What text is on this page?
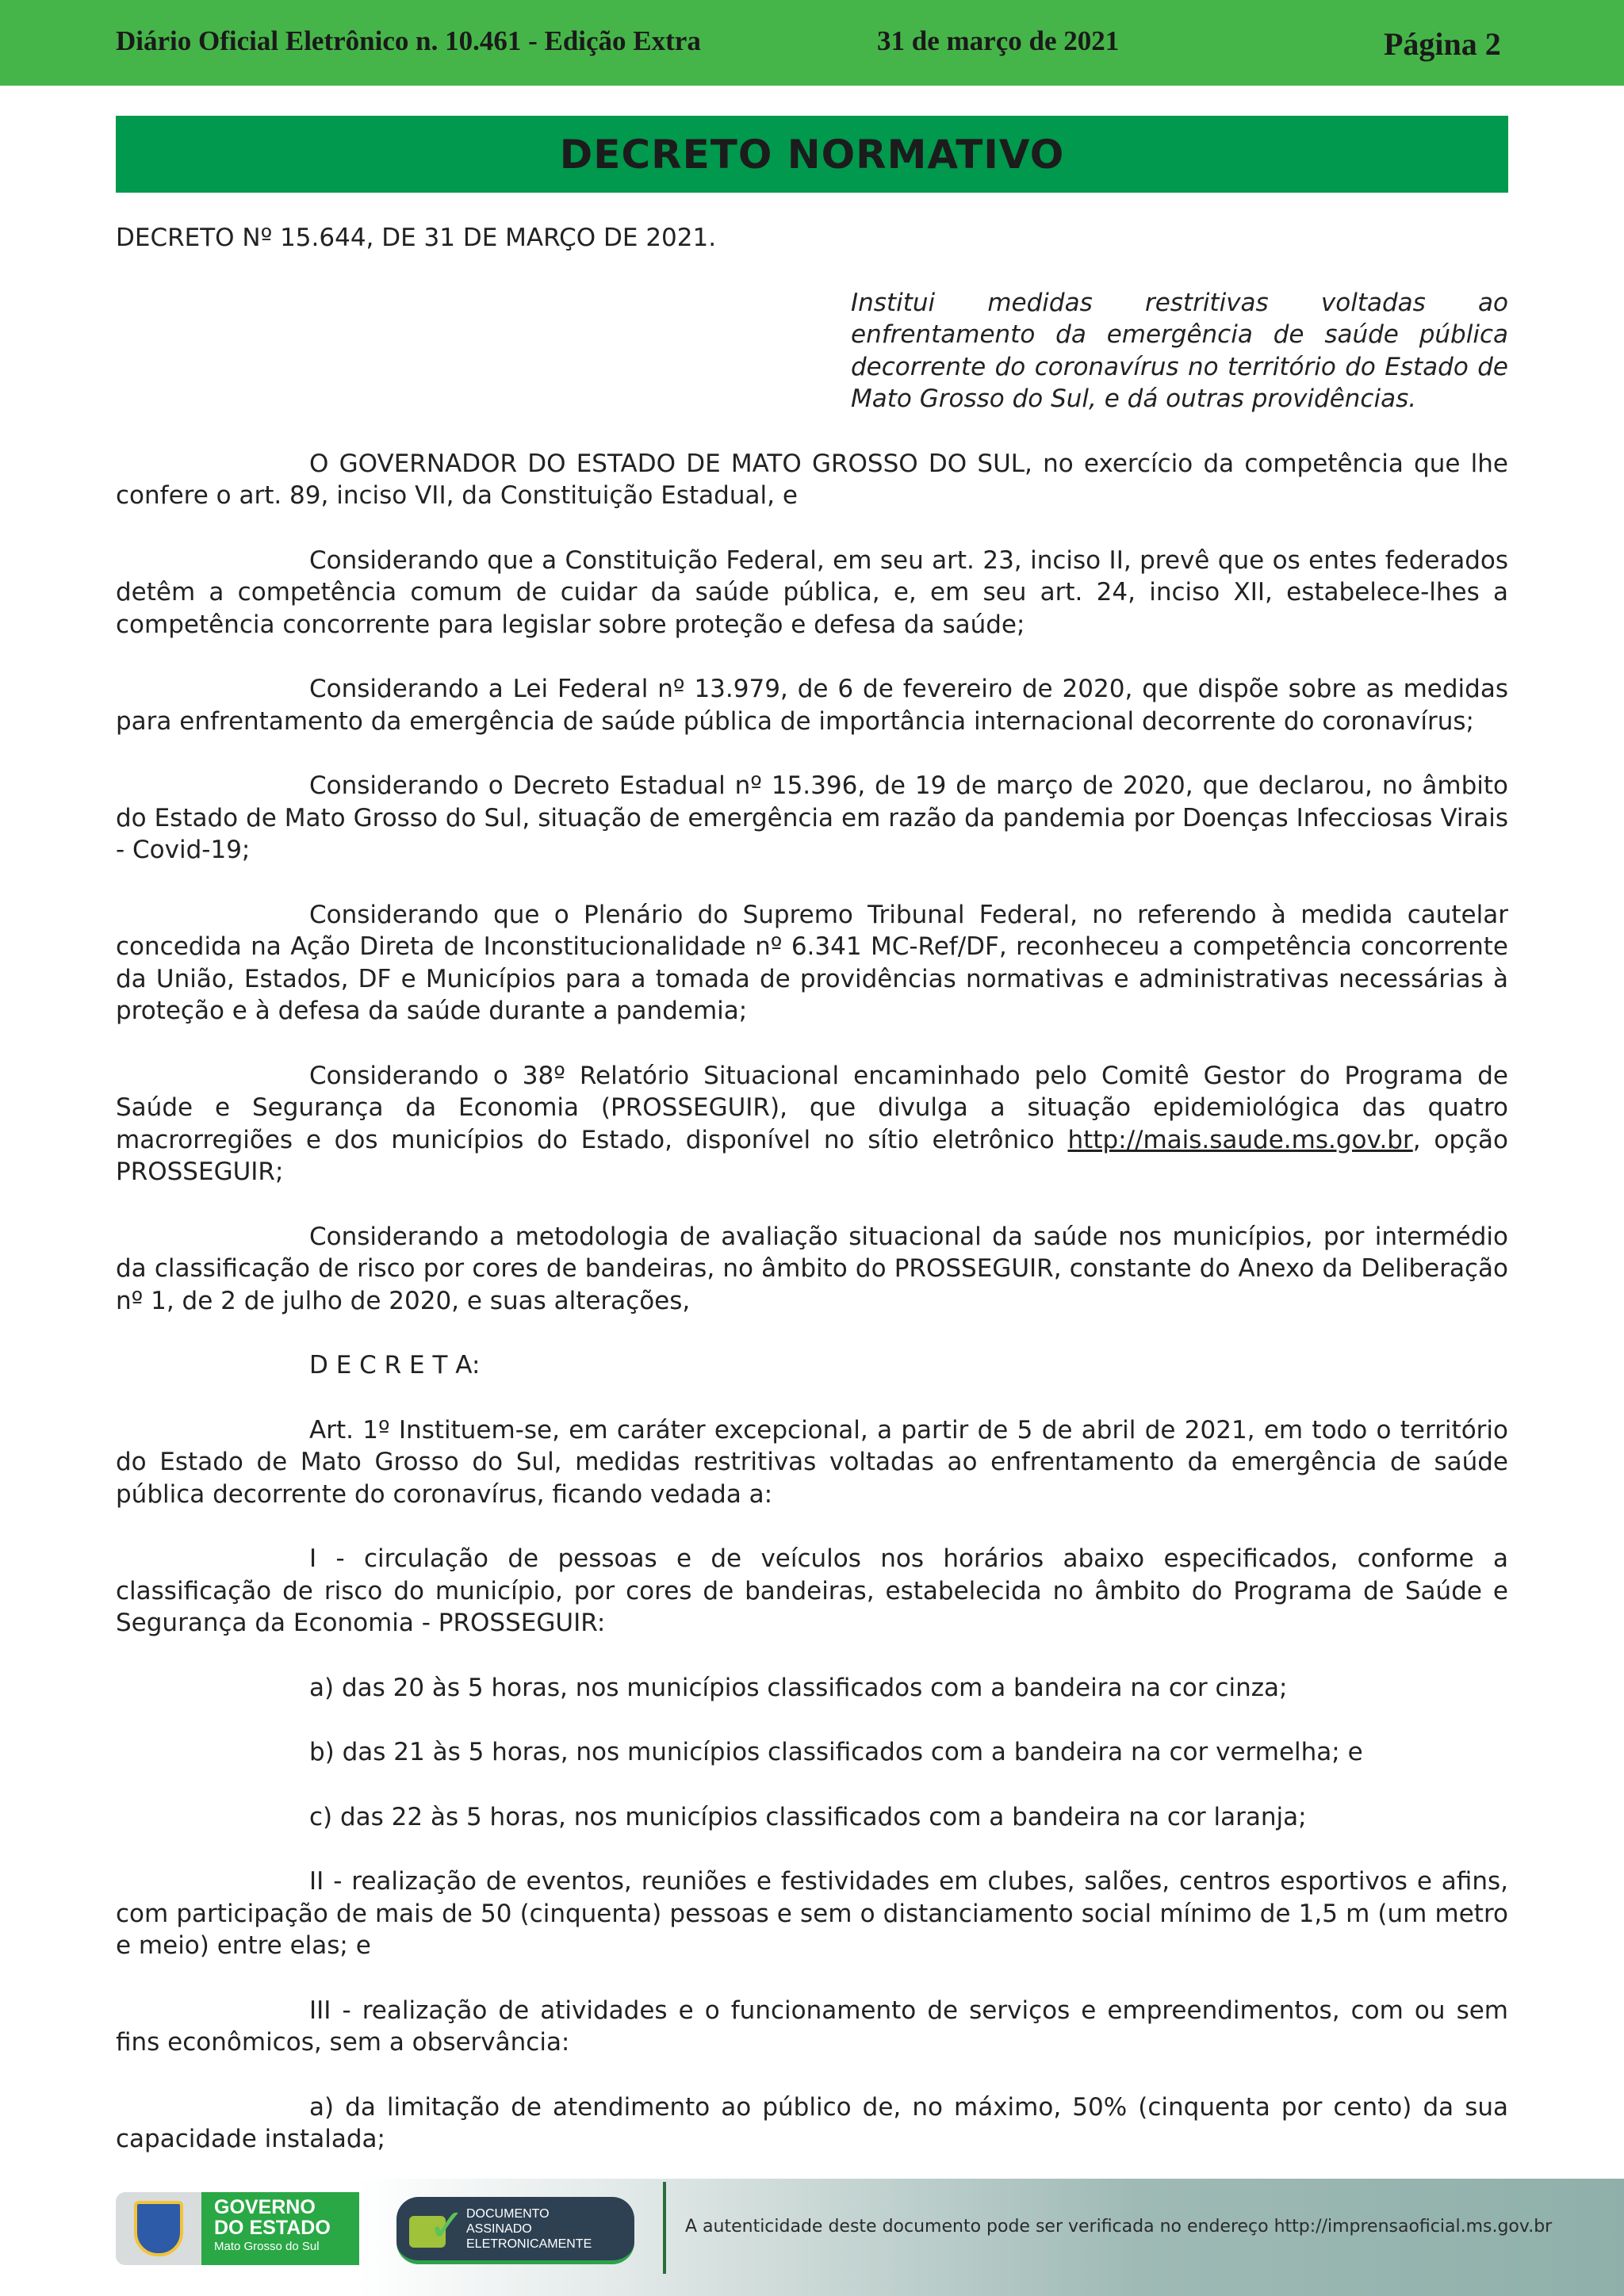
Diário Oficial Eletrônico n. 10.461 - Edição Extra	31 de março de 2021	Página 2
DECRETO NORMATIVO

DECRETO Nº 15.644, DE 31 DE MARÇO DE 2021.

Institui medidas restritivas voltadas ao enfrentamento da emergência de saúde pública decorrente do coronavírus no território do Estado de Mato Grosso do Sul, e dá outras providências.

O GOVERNADOR DO ESTADO DE MATO GROSSO DO SUL, no exercício da competência que lhe confere o art. 89, inciso VII, da Constituição Estadual, e

Considerando que a Constituição Federal, em seu art. 23, inciso II, prevê que os entes federados detêm a competência comum de cuidar da saúde pública, e, em seu art. 24, inciso XII, estabelece-lhes a competência concorrente para legislar sobre proteção e defesa da saúde;

Considerando a Lei Federal nº 13.979, de 6 de fevereiro de 2020, que dispõe sobre as medidas para enfrentamento da emergência de saúde pública de importância internacional decorrente do coronavírus;

Considerando o Decreto Estadual nº 15.396, de 19 de março de 2020, que declarou, no âmbito do Estado de Mato Grosso do Sul, situação de emergência em razão da pandemia por Doenças Infecciosas Virais - Covid-19;

Considerando que o Plenário do Supremo Tribunal Federal, no referendo à medida cautelar concedida na Ação Direta de Inconstitucionalidade nº 6.341 MC-Ref/DF, reconheceu a competência concorrente da União, Estados, DF e Municípios para a tomada de providências normativas e administrativas necessárias à proteção e à defesa da saúde durante a pandemia;

Considerando o 38º Relatório Situacional encaminhado pelo Comitê Gestor do Programa de Saúde e Segurança da Economia (PROSSEGUIR), que divulga a situação epidemiológica das quatro macrorregiões e dos municípios do Estado, disponível no sítio eletrônico http://mais.saude.ms.gov.br, opção PROSSEGUIR;

Considerando a metodologia de avaliação situacional da saúde nos municípios, por intermédio da classificação de risco por cores de bandeiras, no âmbito do PROSSEGUIR, constante do Anexo da Deliberação nº 1, de 2 de julho de 2020, e suas alterações,

D E C R E T A:

Art. 1º Instituem-se, em caráter excepcional, a partir de 5 de abril de 2021, em todo o território do Estado de Mato Grosso do Sul, medidas restritivas voltadas ao enfrentamento da emergência de saúde pública decorrente do coronavírus, ficando vedada a:

I - circulação de pessoas e de veículos nos horários abaixo especificados, conforme a classificação de risco do município, por cores de bandeiras, estabelecida no âmbito do Programa de Saúde e Segurança da Economia - PROSSEGUIR:

a) das 20 às 5 horas, nos municípios classificados com a bandeira na cor cinza;

b) das 21 às 5 horas, nos municípios classificados com a bandeira na cor vermelha; e

c) das 22 às 5 horas, nos municípios classificados com a bandeira na cor laranja;

II - realização de eventos, reuniões e festividades em clubes, salões, centros esportivos e afins, com participação de mais de 50 (cinquenta) pessoas e sem o distanciamento social mínimo de 1,5 m (um metro e meio) entre elas; e

III - realização de atividades e o funcionamento de serviços e empreendimentos, com ou sem fins econômicos, sem a observância:

a) da limitação de atendimento ao público de, no máximo, 50% (cinquenta por cento) da sua capacidade instalada;

GOVERNO
DO ESTADO
Mato Grosso do Sul	✓ DOCUMENTO
ASSINADO
ELETRONICAMENTE
A autenticidade deste documento pode ser verificada no endereço http://imprensaoficial.ms.gov.br
